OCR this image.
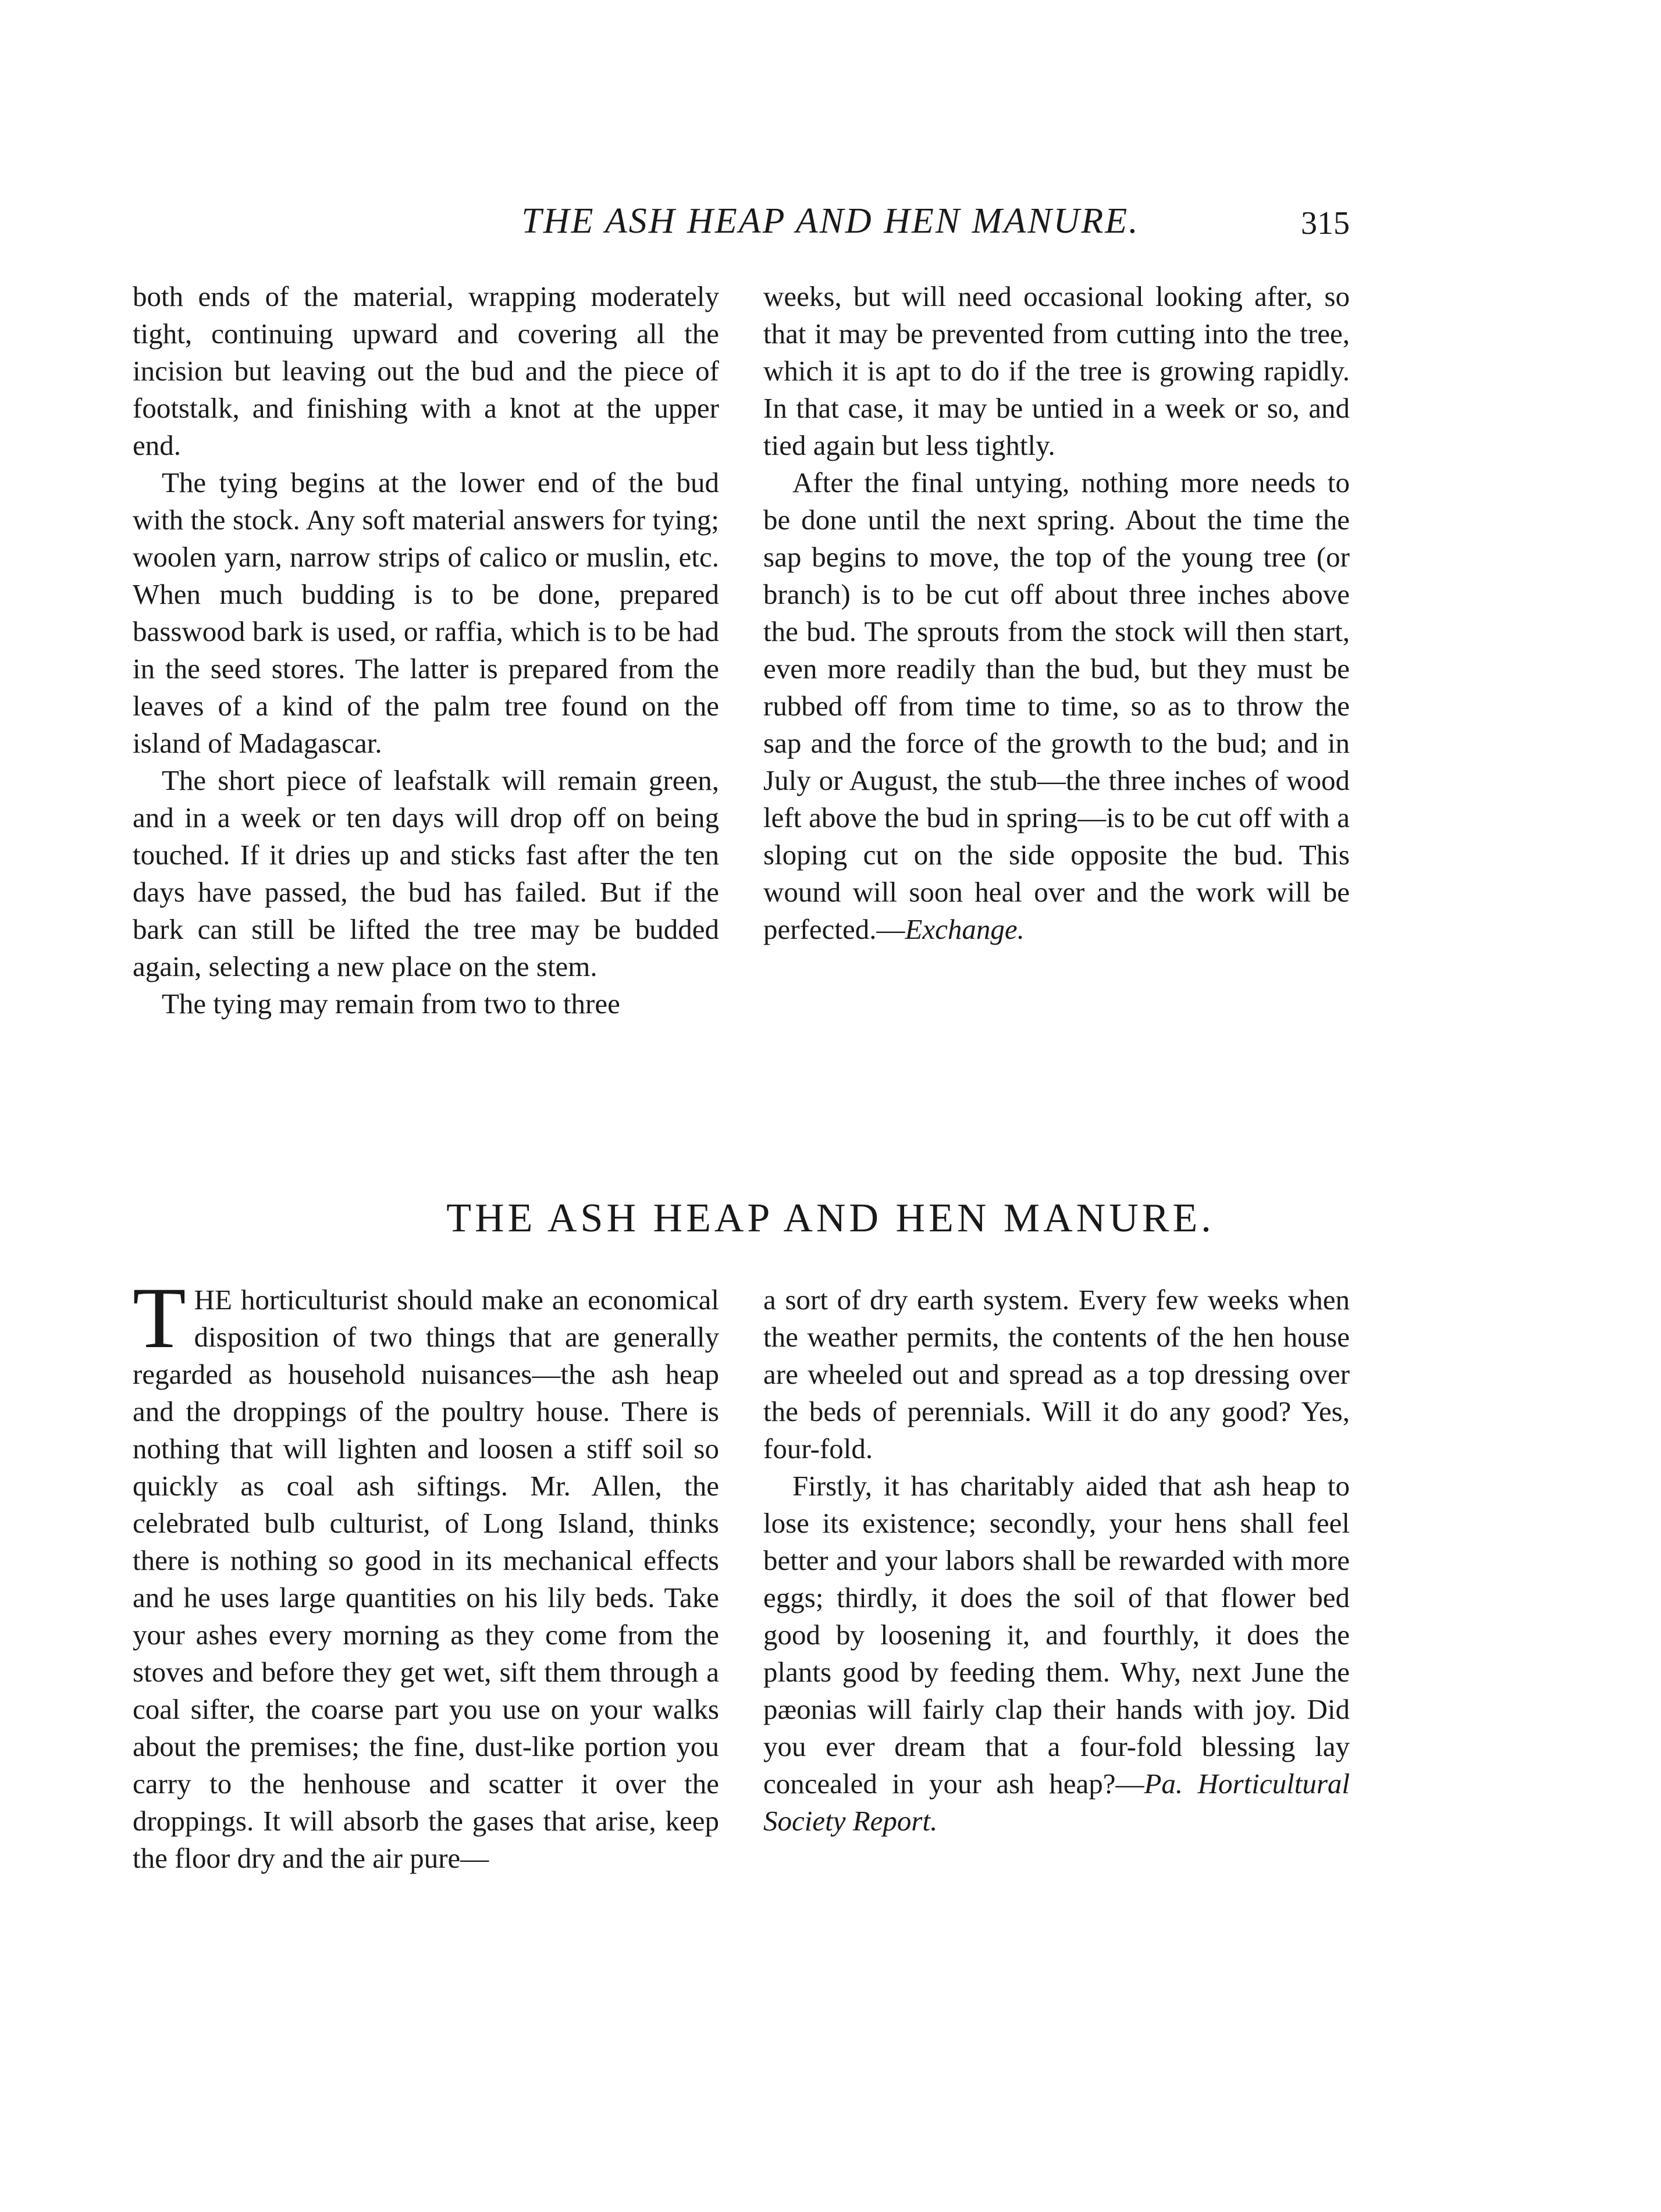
THE ASH HEAP AND HEN MANURE.	315

both ends of the material, wrapping moderately tight, continuing upward and covering all the incision but leaving out the bud and the piece of footstalk, and finishing with a knot at the upper end.

The tying begins at the lower end of the bud with the stock. Any soft material answers for tying; woolen yarn, narrow strips of calico or muslin, etc. When much budding is to be done, prepared basswood bark is used, or raffia, which is to be had in the seed stores. The latter is prepared from the leaves of a kind of the palm tree found on the island of Madagascar.

The short piece of leafstalk will remain green, and in a week or ten days will drop off on being touched. If it dries up and sticks fast after the ten days have passed, the bud has failed. But if the bark can still be lifted the tree may be budded again, selecting a new place on the stem.

The tying may remain from two to three

weeks, but will need occasional looking after, so that it may be prevented from cutting into the tree, which it is apt to do if the tree is growing rapidly. In that case, it may be untied in a week or so, and tied again but less tightly.

After the final untying, nothing more needs to be done until the next spring. About the time the sap begins to move, the top of the young tree (or branch) is to be cut off about three inches above the bud. The sprouts from the stock will then start, even more readily than the bud, but they must be rubbed off from time to time, so as to throw the sap and the force of the growth to the bud; and in July or August, the stub—the three inches of wood left above the bud in spring—is to be cut off with a sloping cut on the side opposite the bud. This wound will soon heal over and the work will be perfected.—Exchange.

THE ASH HEAP AND HEN MANURE.

THE horticulturist should make an economical disposition of two things that are generally regarded as household nuisances—the ash heap and the droppings of the poultry house. There is nothing that will lighten and loosen a stiff soil so quickly as coal ash siftings. Mr. Allen, the celebrated bulb culturist, of Long Island, thinks there is nothing so good in its mechanical effects and he uses large quantities on his lily beds. Take your ashes every morning as they come from the stoves and before they get wet, sift them through a coal sifter, the coarse part you use on your walks about the premises; the fine, dust-like portion you carry to the henhouse and scatter it over the droppings. It will absorb the gases that arise, keep the floor dry and the air pure—

a sort of dry earth system. Every few weeks when the weather permits, the contents of the hen house are wheeled out and spread as a top dressing over the beds of perennials. Will it do any good? Yes, four-fold.

Firstly, it has charitably aided that ash heap to lose its existence; secondly, your hens shall feel better and your labors shall be rewarded with more eggs; thirdly, it does the soil of that flower bed good by loosening it, and fourthly, it does the plants good by feeding them. Why, next June the pæonias will fairly clap their hands with joy. Did you ever dream that a four-fold blessing lay concealed in your ash heap?—Pa. Horticultural Society Report.
